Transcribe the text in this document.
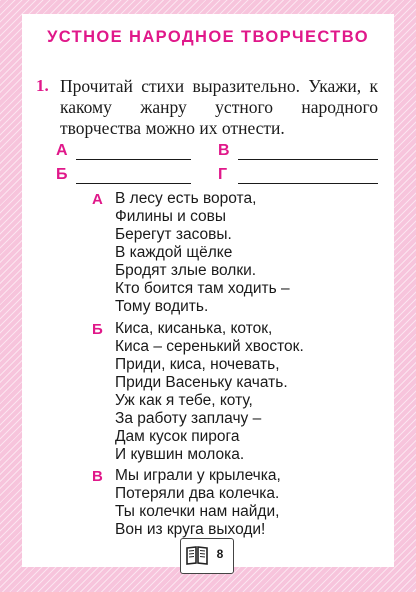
УСТНОЕ НАРОДНОЕ ТВОРЧЕСТВО
1. Прочитай стихи выразительно. Укажи, к какому жанру устного народного творчества можно их отнести.
А	В
Б	Г
А В лесу есть ворота,
Филины и совы
Берегут засовы.
В каждой щёлке
Бродят злые волки.
Кто боится там ходить –
Тому водить.
Б Киса, кисанька, коток,
Киса – серенький хвосток.
Приди, киса, ночевать,
Приди Васеньку качать.
Уж как я тебе, коту,
За работу заплачу –
Дам кусок пирога
И кувшин молока.
В Мы играли у крылечка,
Потеряли два колечка.
Ты колечки нам найди,
Вон из круга выходи!
8
